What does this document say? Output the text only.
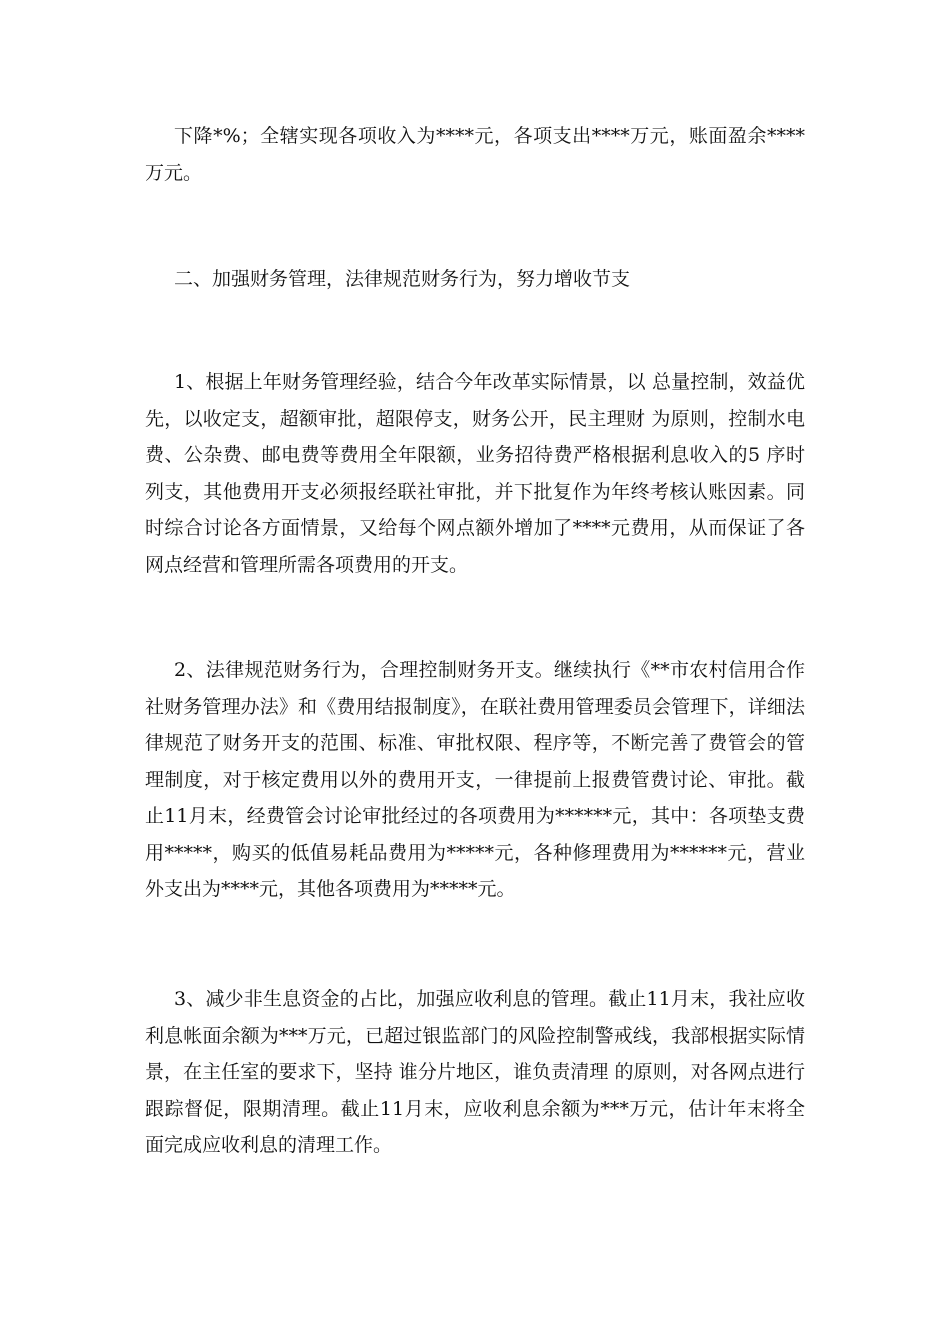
下降*%；全辖实现各项收入为****元，各项支出****万元，账面盈余****万元。

二、加强财务管理，法律规范财务行为，努力增收节支

1、根据上年财务管理经验，结合今年改革实际情景，以 总量控制，效益优先，以收定支，超额审批，超限停支，财务公开，民主理财 为原则，控制水电费、公杂费、邮电费等费用全年限额，业务招待费严格根据利息收入的5 序时列支，其他费用开支必须报经联社审批，并下批复作为年终考核认账因素。同时综合讨论各方面情景，又给每个网点额外增加了****元费用，从而保证了各网点经营和管理所需各项费用的开支。

2、法律规范财务行为，合理控制财务开支。继续执行《**市农村信用合作社财务管理办法》和《费用结报制度》，在联社费用管理委员会管理下，详细法律规范了财务开支的范围、标准、审批权限、程序等，不断完善了费管会的管理制度，对于核定费用以外的费用开支，一律提前上报费管费讨论、审批。截止11月末，经费管会讨论审批经过的各项费用为******元，其中：各项垫支费用*****，购买的低值易耗品费用为*****元，各种修理费用为******元，营业外支出为****元，其他各项费用为*****元。

3、减少非生息资金的占比，加强应收利息的管理。截止11月末，我社应收利息帐面余额为***万元，已超过银监部门的风险控制警戒线，我部根据实际情景，在主任室的要求下，坚持 谁分片地区，谁负责清理 的原则，对各网点进行跟踪督促，限期清理。截止11月末，应收利息余额为***万元，估计年末将全面完成应收利息的清理工作。
